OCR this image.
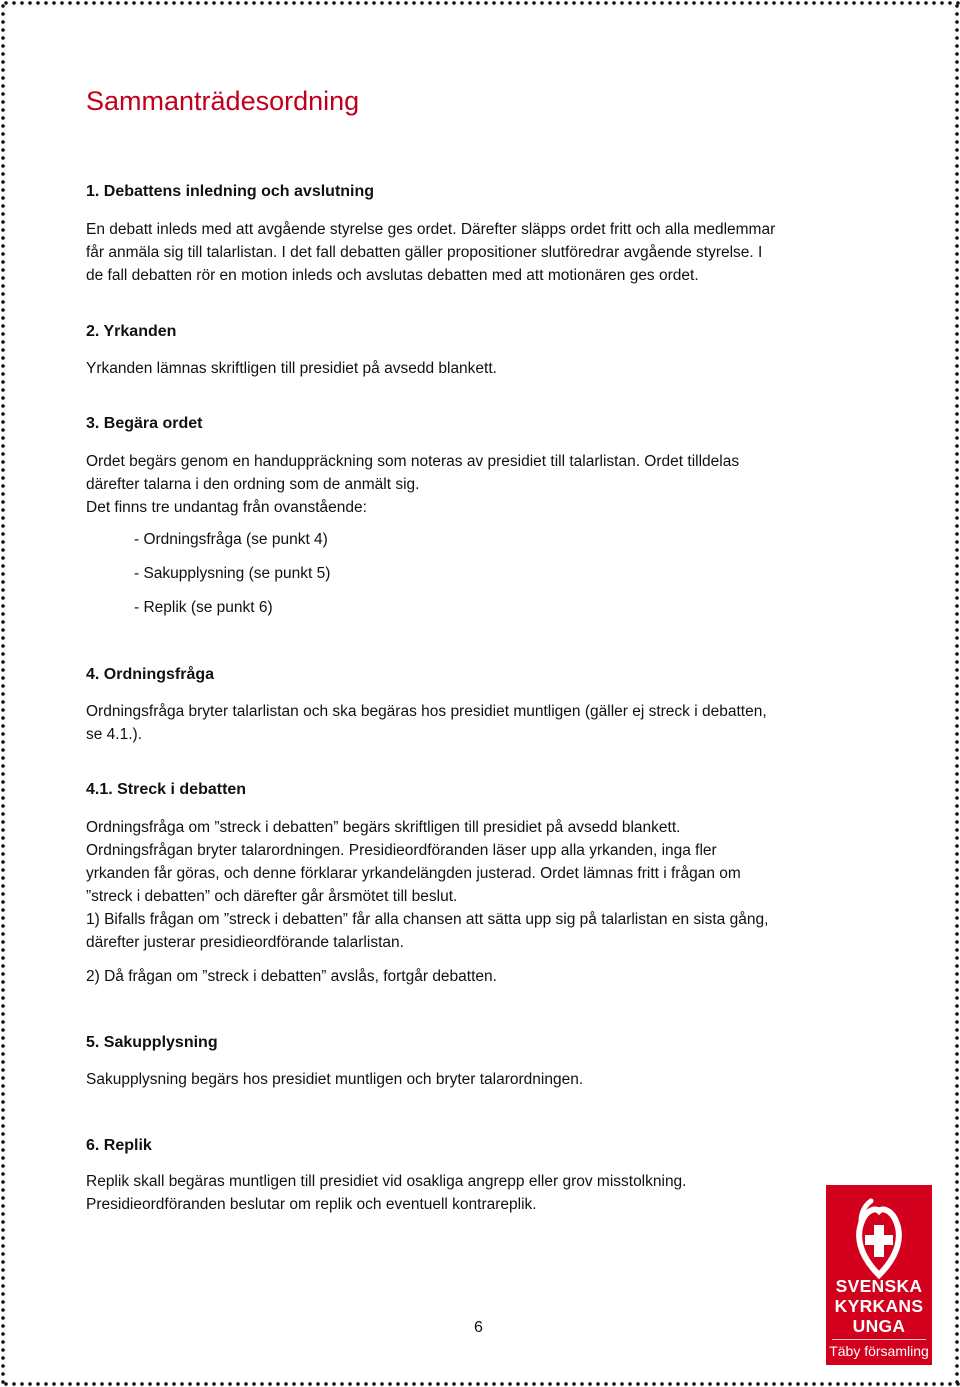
Sammanträdesordning
1. Debattens inledning och avslutning
En debatt inleds med att avgående styrelse ges ordet. Därefter släpps ordet fritt och alla medlemmar
får anmäla sig till talarlistan. I det fall debatten gäller propositioner slutföredrar avgående styrelse. I
de fall debatten rör en motion inleds och avslutas debatten med att motionären ges ordet.
2. Yrkanden
Yrkanden lämnas skriftligen till presidiet på avsedd blankett.
3. Begära ordet
Ordet begärs genom en handuppräckning som noteras av presidiet till talarlistan. Ordet tilldelas
därefter talarna i den ordning som de anmält sig.
Det finns tre undantag från ovanstående:
- Ordningsfråga (se punkt 4)
- Sakupplysning (se punkt 5)
- Replik (se punkt 6)
4. Ordningsfråga
Ordningsfråga bryter talarlistan och ska begäras hos presidiet muntligen (gäller ej streck i debatten,
se 4.1.).
4.1. Streck i debatten
Ordningsfråga om ”streck i debatten” begärs skriftligen till presidiet på avsedd blankett.
Ordningsfrågan bryter talarordningen. Presidieordföranden läser upp alla yrkanden, inga fler
yrkanden får göras, och denne förklarar yrkandelängden justerad. Ordet lämnas fritt i frågan om
”streck i debatten” och därefter går årsmötet till beslut.
1) Bifalls frågan om ”streck i debatten” får alla chansen att sätta upp sig på talarlistan en sista gång,
därefter justerar presidieordförande talarlistan.
2) Då frågan om ”streck i debatten” avslås, fortgår debatten.
5. Sakupplysning
Sakupplysning begärs hos presidiet muntligen och bryter talarordningen.
6. Replik
Replik skall begäras muntligen till presidiet vid osakliga angrepp eller grov misstolkning.
Presidieordföranden beslutar om replik och eventuell kontrareplik.
6
SVENSKA
KYRKANS
UNGA
Täby församling
